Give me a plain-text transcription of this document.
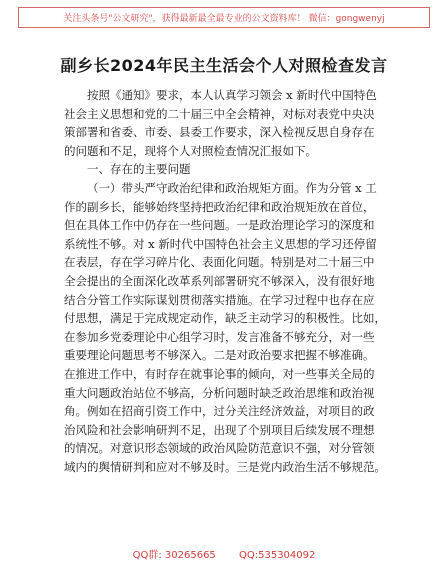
关注头条号"公文研究"，获得最新最全最专业的公文资料库！ 微信：gongwenyj
副乡长2024年民主生活会个人对照检查发言

按照《通知》要求，本人认真学习领会 x 新时代中国特色

社会主义思想和党的二十届三中全会精神，对标对表党中央决

策部署和省委、市委、县委工作要求，深入检视反思自身存在

的问题和不足，现将个人对照检查情况汇报如下。

一、存在的主要问题

（一）带头严守政治纪律和政治规矩方面。作为分管 x 工

作的副乡长，能够始终坚持把政治纪律和政治规矩放在首位，

但在具体工作中仍存在一些问题。一是政治理论学习的深度和

系统性不够。对 x 新时代中国特色社会主义思想的学习还停留

在表层，存在学习碎片化、表面化问题。特别是对二十届三中

全会提出的全面深化改革系列部署研究不够深入，没有很好地

结合分管工作实际谋划贯彻落实措施。在学习过程中也存在应

付思想，满足于完成规定动作，缺乏主动学习的积极性。比如，

在参加乡党委理论中心组学习时，发言准备不够充分，对一些

重要理论问题思考不够深入。二是对政治要求把握不够准确。

在推进工作中，有时存在就事论事的倾向，对一些事关全局的

重大问题政治站位不够高，分析问题时缺乏政治思维和政治视

角。例如在招商引资工作中，过分关注经济效益，对项目的政

治风险和社会影响研判不足，出现了个别项目后续发展不理想

的情况。对意识形态领域的政治风险防范意识不强，对分管领

域内的舆情研判和应对不够及时。三是党内政治生活不够规范。

QQ群: 30265665 QQ:535304092
